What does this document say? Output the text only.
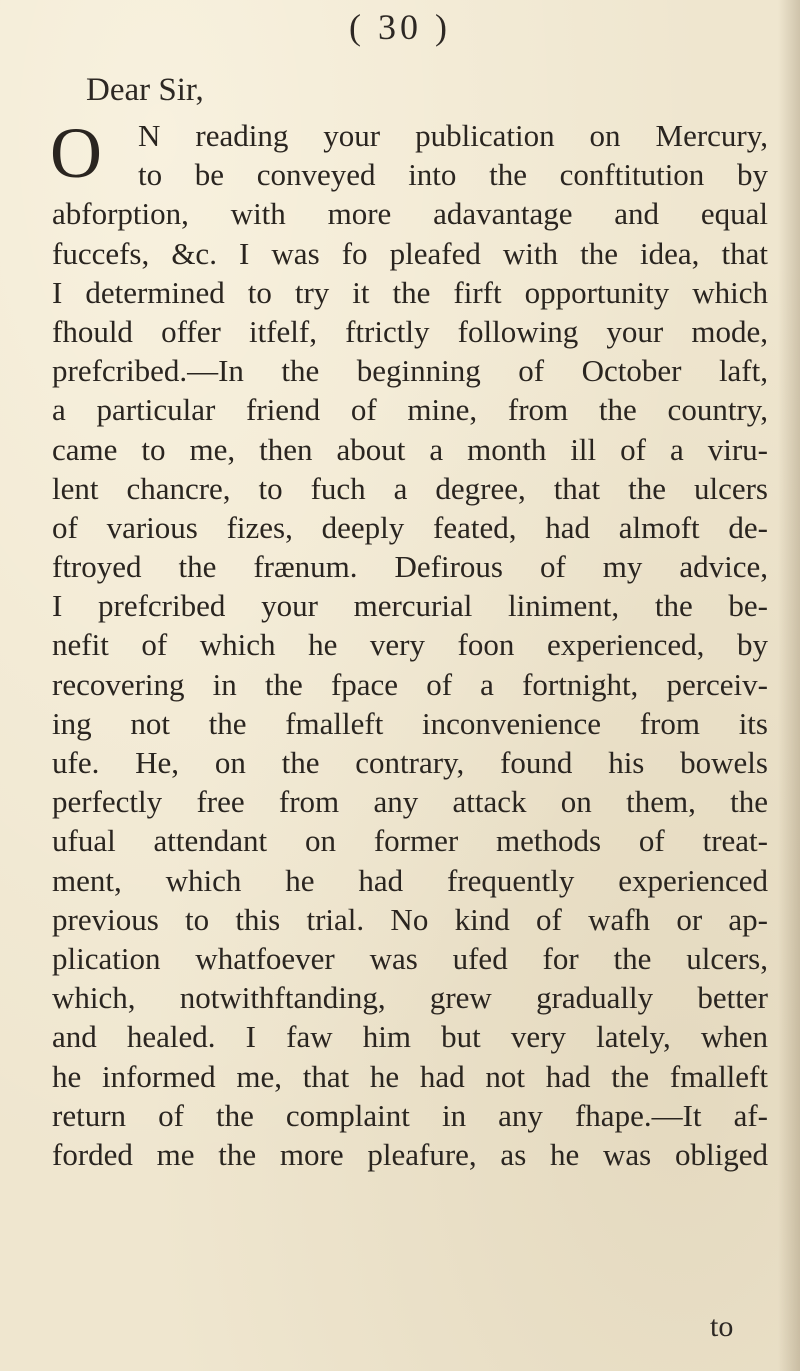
( 30 )
Dear Sir,
O	N reading your publication on Mercury,
to be conveyed into the conftitution by
abforption, with more adavantage and equal
fuccefs, &c. I was fo pleafed with the idea, that
I determined to try it the firft opportunity which
fhould offer itfelf, ftrictly following your mode,
prefcribed.—In the beginning of October laft,
a particular friend of mine, from the country,
came to me, then about a month ill of a viru-
lent chancre, to fuch a degree, that the ulcers
of various fizes, deeply feated, had almoft de-
ftroyed the frænum. Defirous of my advice,
I prefcribed your mercurial liniment, the be-
nefit of which he very foon experienced, by
recovering in the fpace of a fortnight, perceiv-
ing not the fmalleft inconvenience from its
ufe. He, on the contrary, found his bowels
perfectly free from any attack on them, the
ufual attendant on former methods of treat-
ment, which he had frequently experienced
previous to this trial. No kind of wafh or ap-
plication whatfoever was ufed for the ulcers,
which, notwithftanding, grew gradually better
and healed. I faw him but very lately, when
he informed me, that he had not had the fmalleft
return of the complaint in any fhape.—It af-
forded me the more pleafure, as he was obliged
to
